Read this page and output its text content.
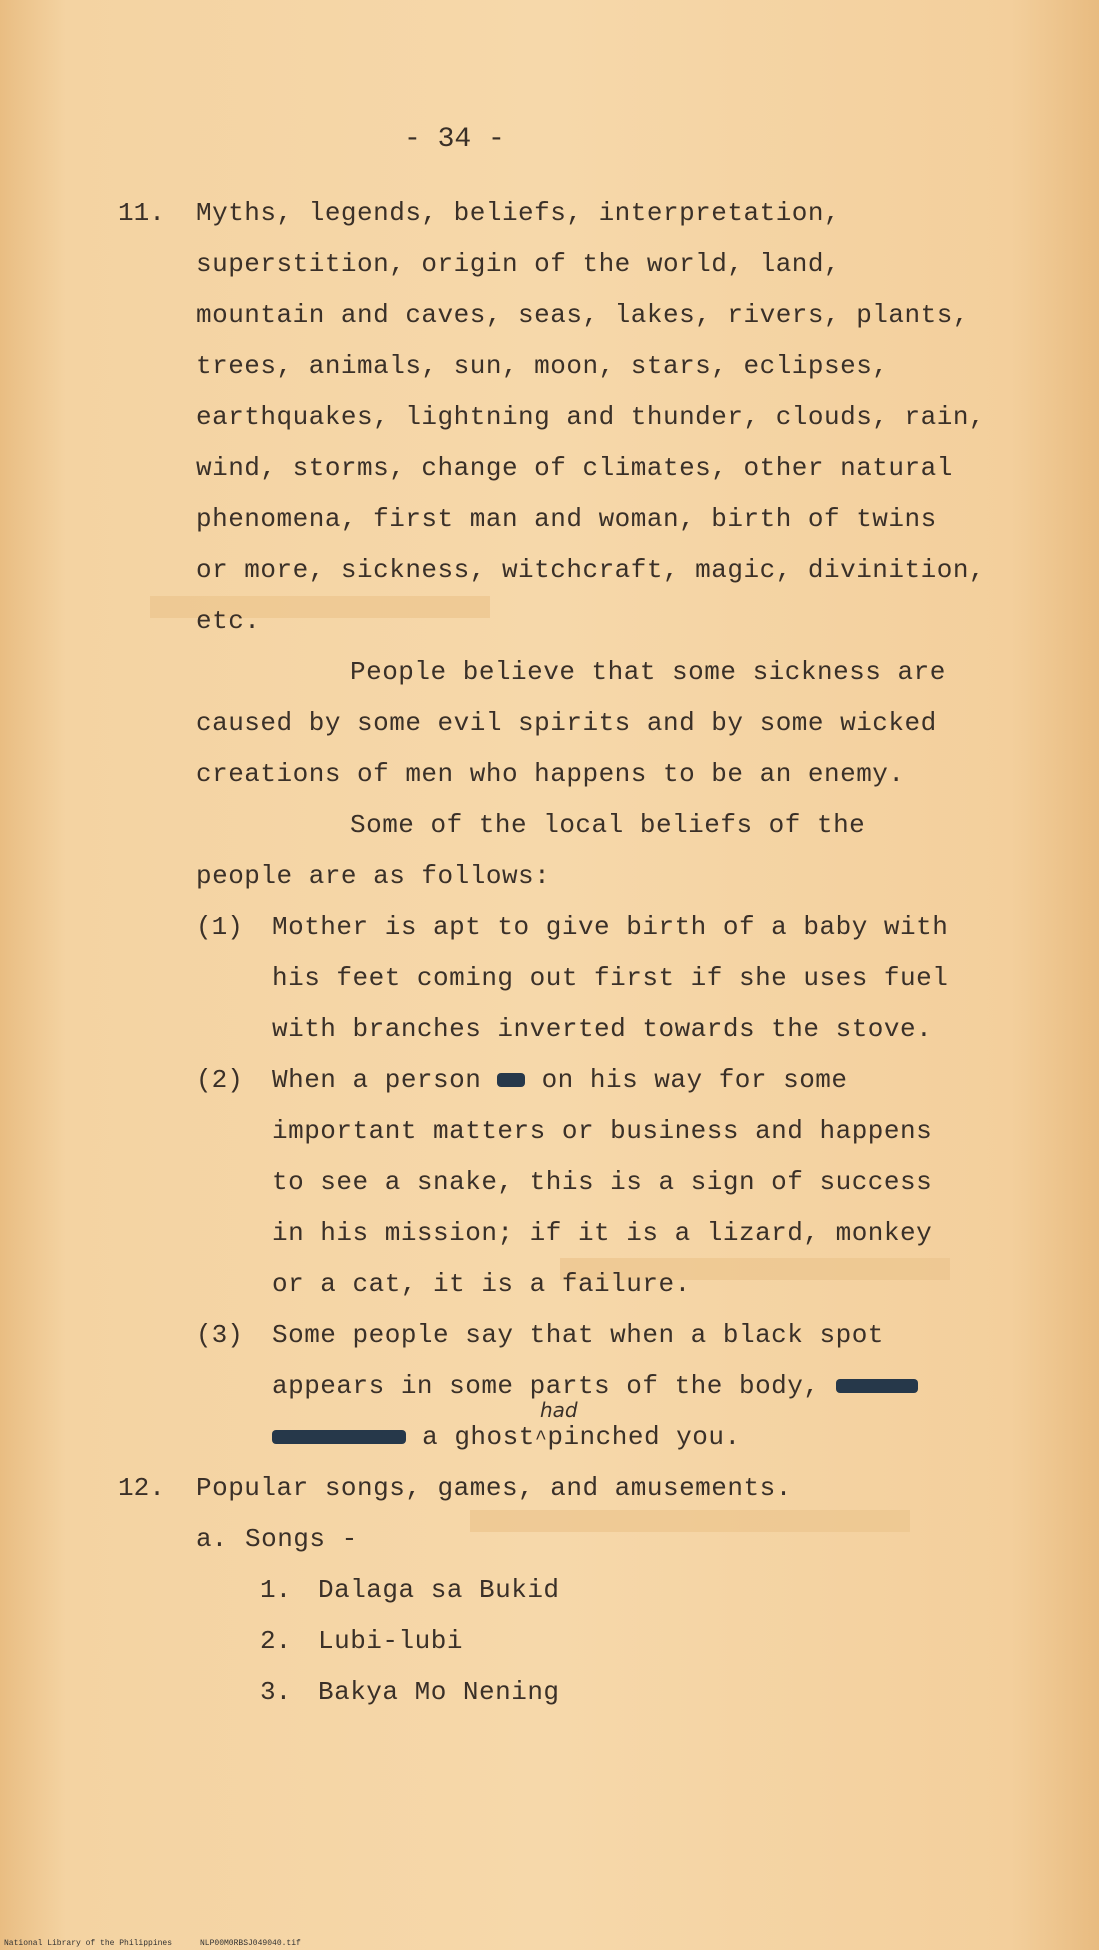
- 34 -
11. Myths, legends, beliefs, interpretation,
superstition, origin of the world, land,
mountain and caves, seas, lakes, rivers, plants,
trees, animals, sun, moon, stars, eclipses,
earthquakes, lightning and thunder, clouds, rain,
wind, storms, change of climates, other natural
phenomena, first man and woman, birth of twins
or more, sickness, witchcraft, magic, divinition,
etc.
People believe that some sickness are
caused by some evil spirits and by some wicked
creations of men who happens to be an enemy.
Some of the local beliefs of the
people are as follows:
(1) Mother is apt to give birth of a baby with
his feet coming out first if she uses fuel
with branches inverted towards the stove.
(2) When a person on his way for some
important matters or business and happens
to see a snake, this is a sign of success
in his mission; if it is a lizard, monkey
or a cat, it is a failure.
(3) Some people say that when a black spot
appears in some parts of the body,
a ghost^pinched you.
had
12. Popular songs, games, and amusements.
a. Songs -
1. Dalaga sa Bukid
2. Lubi-lubi
3. Bakya Mo Nening
National Library of the Philippines	NLP00M0RBSJ049040.tif
